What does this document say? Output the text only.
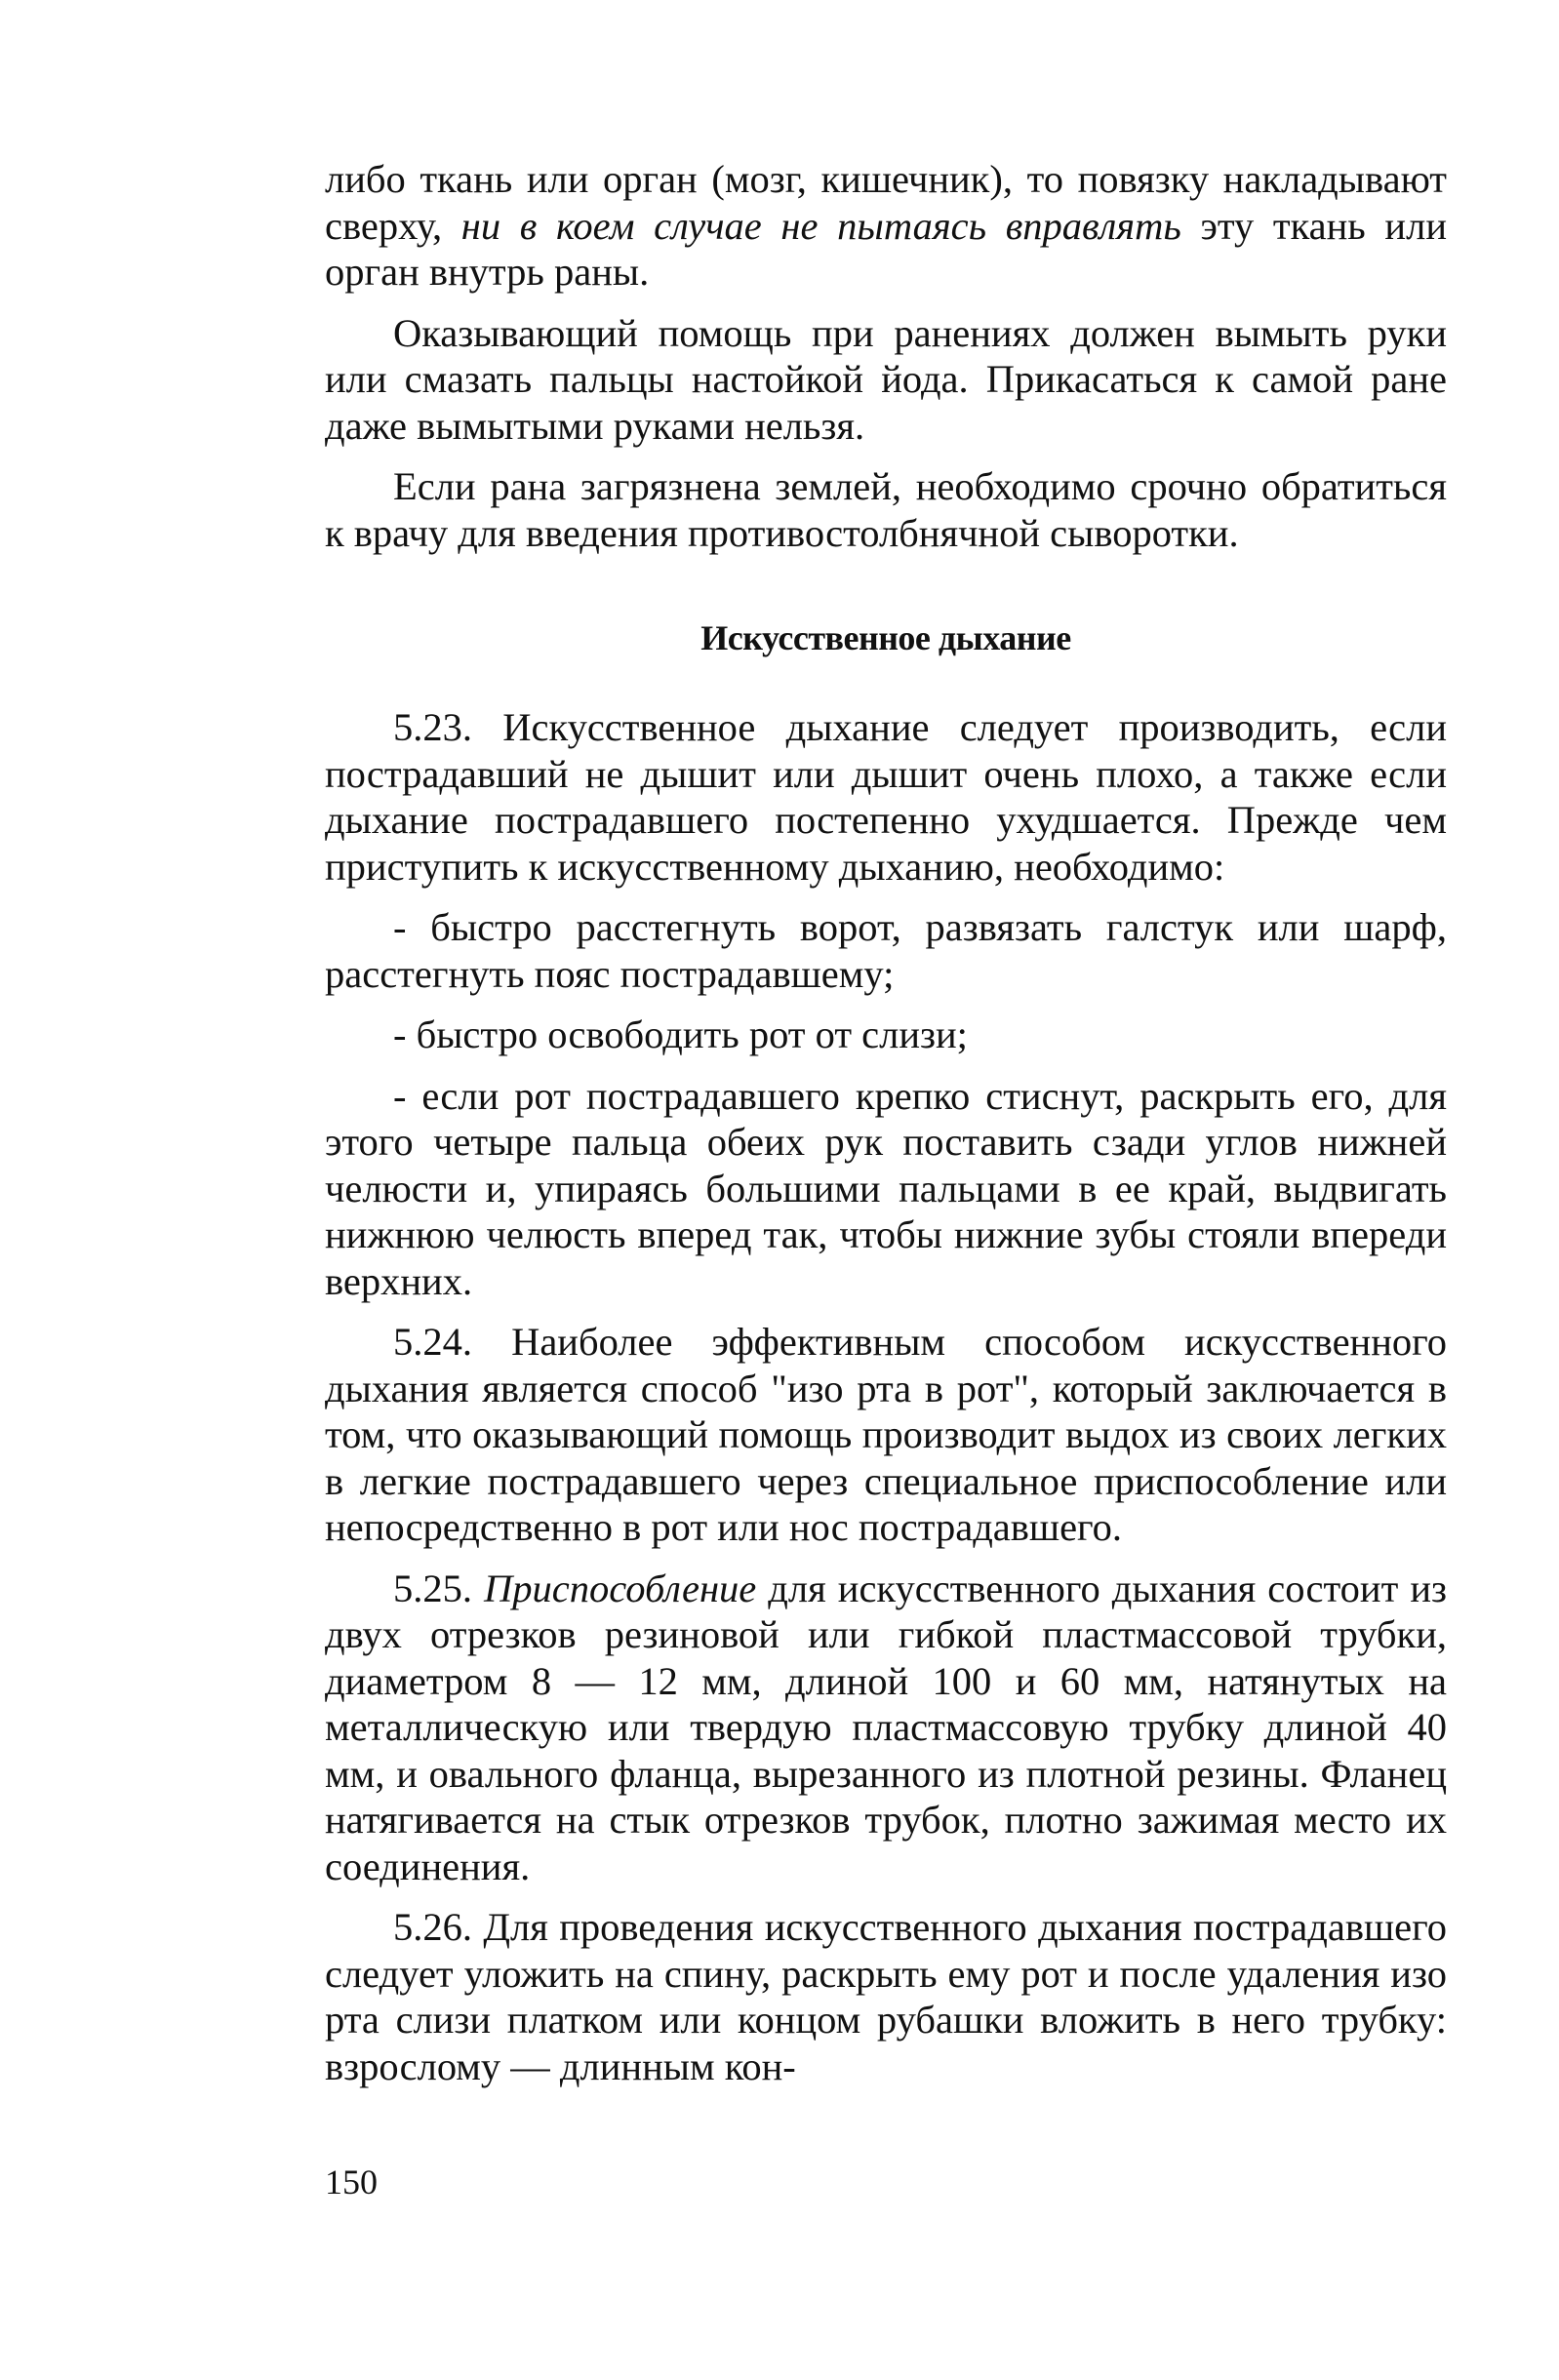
либо ткань или орган (мозг, кишечник), то повязку накладывают сверху, ни в коем случае не пытаясь вправлять эту ткань или орган внутрь раны.

Оказывающий помощь при ранениях должен вымыть руки или смазать пальцы настойкой йода. Прикасаться к самой ране даже вымытыми руками нельзя.

Если рана загрязнена землей, необходимо срочно обратиться к врачу для введения противостолбнячной сыворотки.

Искусственное дыхание

5.23. Искусственное дыхание следует производить, если пострадавший не дышит или дышит очень плохо, а также если дыхание пострадавшего постепенно ухудшается. Прежде чем приступить к искусственному дыханию, необходимо:

- быстро расстегнуть ворот, развязать галстук или шарф, расстегнуть пояс пострадавшему;

- быстро освободить рот от слизи;

- если рот пострадавшего крепко стиснут, раскрыть его, для этого четыре пальца обеих рук поставить сзади углов нижней челюсти и, упираясь большими пальцами в ее край, выдвигать нижнюю челюсть вперед так, чтобы нижние зубы стояли впереди верхних.

5.24. Наиболее эффективным способом искусственного дыхания является способ "изо рта в рот", который заключается в том, что оказывающий помощь производит выдох из своих легких в легкие пострадавшего через специальное приспособление или непосредственно в рот или нос пострадавшего.

5.25. Приспособление для искусственного дыхания состоит из двух отрезков резиновой или гибкой пластмассовой трубки, диаметром 8 — 12 мм, длиной 100 и 60 мм, натянутых на металлическую или твердую пластмассовую трубку длиной 40 мм, и овального фланца, вырезанного из плотной резины. Фланец натягивается на стык отрезков трубок, плотно зажимая место их соединения.

5.26. Для проведения искусственного дыхания пострадавшего следует уложить на спину, раскрыть ему рот и после удаления изо рта слизи платком или концом рубашки вложить в него трубку: взрослому — длинным кон-

150
